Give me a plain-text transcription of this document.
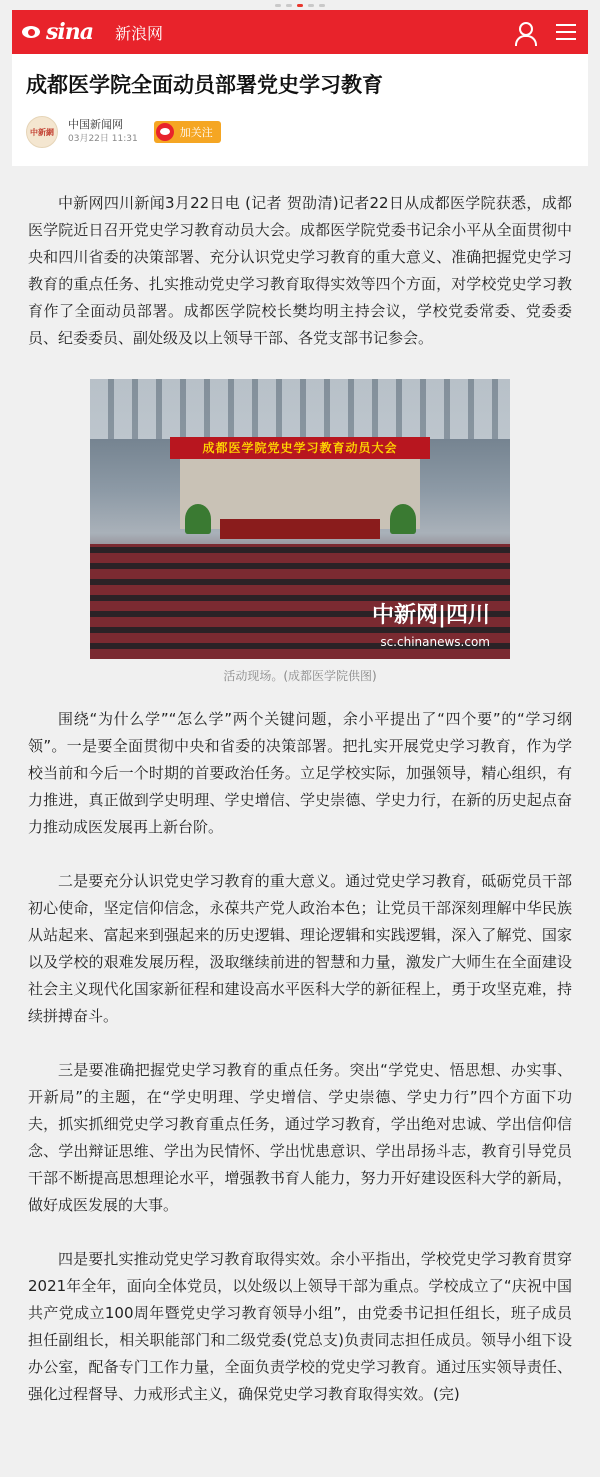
sina 新浪网
成都医学院全面动员部署党史学习教育
中新網
中国新闻网
03月22日 11:31	加关注

中新网四川新闻3月22日电 (记者 贺劭清)记者22日从成都医学院获悉，成都医学院近日召开党史学习教育动员大会。成都医学院党委书记余小平从全面贯彻中央和四川省委的决策部署、充分认识党史学习教育的重大意义、准确把握党史学习教育的重点任务、扎实推动党史学习教育取得实效等四个方面，对学校党史学习教育作了全面动员部署。成都医学院校长樊均明主持会议，学校党委常委、党委委员、纪委委员、副处级及以上领导干部、各党支部书记参会。

成都医学院党史学习教育动员大会
中新网|四川
sc.chinanews.com
活动现场。(成都医学院供图)

围绕“为什么学”“怎么学”两个关键问题，余小平提出了“四个要”的“学习纲领”。一是要全面贯彻中央和省委的决策部署。把扎实开展党史学习教育，作为学校当前和今后一个时期的首要政治任务。立足学校实际，加强领导，精心组织，有力推进，真正做到学史明理、学史增信、学史崇德、学史力行，在新的历史起点奋力推动成医发展再上新台阶。

二是要充分认识党史学习教育的重大意义。通过党史学习教育，砥砺党员干部初心使命，坚定信仰信念，永葆共产党人政治本色；让党员干部深刻理解中华民族从站起来、富起来到强起来的历史逻辑、理论逻辑和实践逻辑，深入了解党、国家以及学校的艰难发展历程，汲取继续前进的智慧和力量，激发广大师生在全面建设社会主义现代化国家新征程和建设高水平医科大学的新征程上，勇于攻坚克难，持续拼搏奋斗。

三是要准确把握党史学习教育的重点任务。突出“学党史、悟思想、办实事、开新局”的主题，在“学史明理、学史增信、学史崇德、学史力行”四个方面下功夫，抓实抓细党史学习教育重点任务，通过学习教育，学出绝对忠诚、学出信仰信念、学出辩证思维、学出为民情怀、学出忧患意识、学出昂扬斗志，教育引导党员干部不断提高思想理论水平，增强教书育人能力，努力开好建设医科大学的新局，做好成医发展的大事。

四是要扎实推动党史学习教育取得实效。余小平指出，学校党史学习教育贯穿2021年全年，面向全体党员，以处级以上领导干部为重点。学校成立了“庆祝中国共产党成立100周年暨党史学习教育领导小组”，由党委书记担任组长，班子成员担任副组长，相关职能部门和二级党委(党总支)负责同志担任成员。领导小组下设办公室，配备专门工作力量，全面负责学校的党史学习教育。通过压实领导责任、强化过程督导、力戒形式主义，确保党史学习教育取得实效。(完)
